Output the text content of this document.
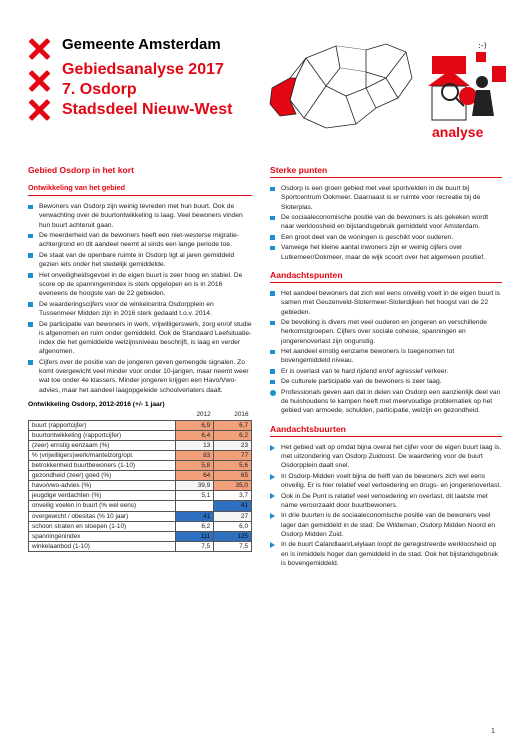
Gemeente Amsterdam
Gebiedsanalyse 2017
7. Osdorp
Stadsdeel Nieuw-West
:-)
analyse
Gebied Osdorp in het kort
Ontwikkeling van het gebied
Bewoners van Osdorp zijn weinig tevreden met hun buurt. Ook de verwachting over de buurtontwikkeling is laag. Veel bewoners vinden hun buurt achteruit gaan.
De meerderheid van de bewoners heeft een niet-westerse migratie-achtergrond en dit aandeel neemt al sinds een lange periode toe.
De staat van de openbare ruimte in Osdorp ligt al jaren gemiddeld gezien iets onder het stedelijk gemiddelde.
Het onveiligheidsgevoel in de eigen buurt is zeer hoog en stabiel. De score op de spanningenindex is sterk opgelopen en is in 2016 eveneens de hoogste van de 22 gebieden.
De waarderingscijfers voor de winkelcentra Osdorpplein en Tussenmeer Midden zijn in 2016 sterk gedaald t.o.v. 2014.
De participatie van bewoners in werk, vrijwilligerswerk, zorg en/of studie is afgenomen en ruim onder gemiddeld. Ook de Standaard Leefsituatie-index die het gemiddelde welzijnsniveau beschrijft, is laag en verder afgenomen.
Cijfers over de positie van de jongeren geven gemengde signalen. Zo komt overgewicht veel minder voor onder 10-jarigen, maar neemt weer wat toe onder 4e klassers. Minder jongeren krijgen een Havo/Vwo-advies, maar het aandeel laagopgeleide schoolverlaters daalt.
Ontwikkeling Osdorp, 2012-2016 (+/- 1 jaar)
	2012	2016
buurt (rapportcijfer)	6,9	6,7
buurtontwikkeling (rapportcijfer)	6,4	6,2
(zeer) ernstig eenzaam (%)	13	23
% (vrijwilligers)werk/mantelzorg/opl.	83	77
betrokkenheid buurtbewoners (1-10)	5,8	5,6
gezondheid (zeer) goed (%)	64	65
havo/vwo-advies (%)	39,9	35,0
jeugdige verdachten (%)	5,1	3,7
onveilig voelen in buurt (% wel eens)		41
overgewicht / obesitas (% 10 jaar)	41	27
schoon straten en stoepen (1-10)	6,2	6,0
spanningenindex	111	125
winkelaanbod (1-10)	7,5	7,5
Sterke punten
Osdorp is een groen gebied met veel sportvelden in de buurt bij Sportcentrum Ookmeer. Daarnaast is er ruimte voor recreatie bij de Sloterplas.
De sociaaleconomische positie van de bewoners is als gekeken wordt naar werkloosheid en bijstandsgebruik gemiddeld voor Amsterdam.
Een groot deel van de woningen is geschikt voor ouderen.
Vanwege het kleine aantal inwoners zijn er weinig cijfers over Lutkemeer/Ookmeer, maar de wijk scoort over het algemeen positief.
Aandachtspunten
Het aandeel bewoners dat zich wel eens onveilig voelt in de eigen buurt is samen met Geuzenveld-Slotermeer-Sloterdijken het hoogst van de 22 gebieden.
De bevolking is divers met veel ouderen en jongeren en verschillende herkomstgroepen. Cijfers over sociale cohesie, spanningen en jongerenoverlast zijn ongunstig.
Het aandeel ernstig eenzame bewoners is toegenomen tot bovengemiddeld niveau.
Er is overlast van te hard rijdend en/of agressief verkeer.
De culturele participatie van de bewoners is zeer laag.
Professionals geven aan dat in delen van Osdorp een aanzienlijk deel van de huishoudens te kampen heeft met meervoudige problematiek op het gebied van armoede, schulden, participatie, welzijn en gezondheid.
Aandachtsbuurten
Het gebied valt op omdat bijna overal het cijfer voor de eigen buurt laag is, met uitzondering van Osdorp Zuidoost. De waardering voor de buurt Osdorpplein daalt snel.
In Osdorp-Midden voelt bijna de helft van de bewoners zich wel eens onveilig. Er is hier relatief veel verloedering en drugs- en jongerenoverlast.
Ook in De Punt is relatief veel verloedering en overlast, dit laatste met name veroorzaakt door buurtbewoners.
In drie buurten is de sociaaleconomische positie van de bewoners veel lager dan gemiddeld in de stad: De Wildeman, Osdorp Midden Noord en Osdorp Midden Zuid.
In de buurt Calandlaan/Lelylaan loopt de geregistreerde werkloosheid op en is inmiddels hoger dan gemiddeld in de stad. Ook het bijstandsgebruik is bovengemiddeld.
1
